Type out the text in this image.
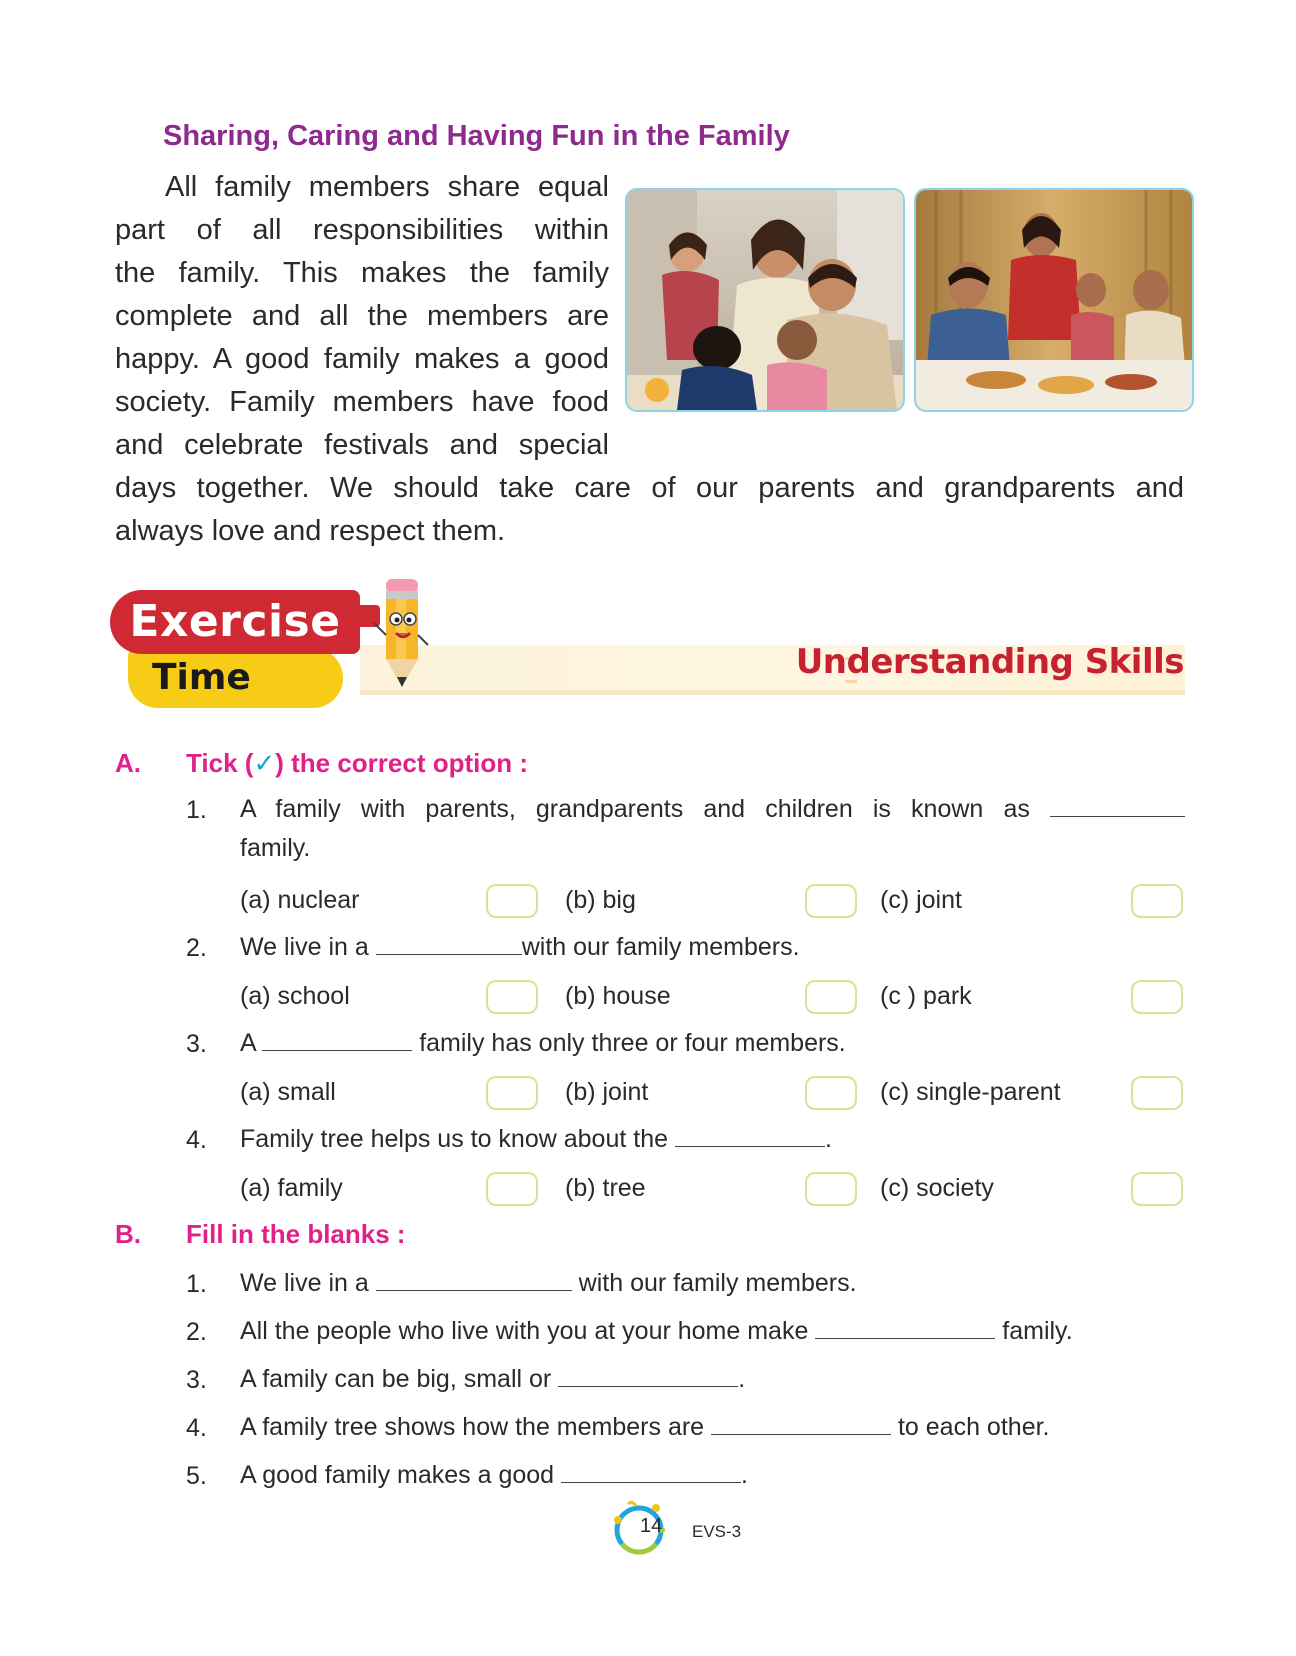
Sharing, Caring and Having Fun in the Family

All family members share equal

part of all responsibilities within

the family. This makes the family

complete and all the members are

happy. A good family makes a good

society. Family members have food

and celebrate festivals and special

days together. We should take care of our parents and grandparents and

always love and respect them.

Time
Exercise
Understanding Skills

A. Tick (✓) the correct option :

1. A family with parents, grandparents and children is known as

family.

(a) nuclear	(b) big	(c) joint

2. We live in a	with our family members.

(a) school	(b) house	(c ) park

3. A	family has only three or four members.

(a) small	(b) joint	(c) single-parent

4. Family tree helps us to know about the	.

(a) family	(b) tree	(c) society

B. Fill in the blanks :

1. We live in a	with our family members.

2. All the people who live with you at your home make	family.

3. A family can be big, small or	.

4. A family tree shows how the members are	to each other.

5. A good family makes a good	.

14 EVS-3
